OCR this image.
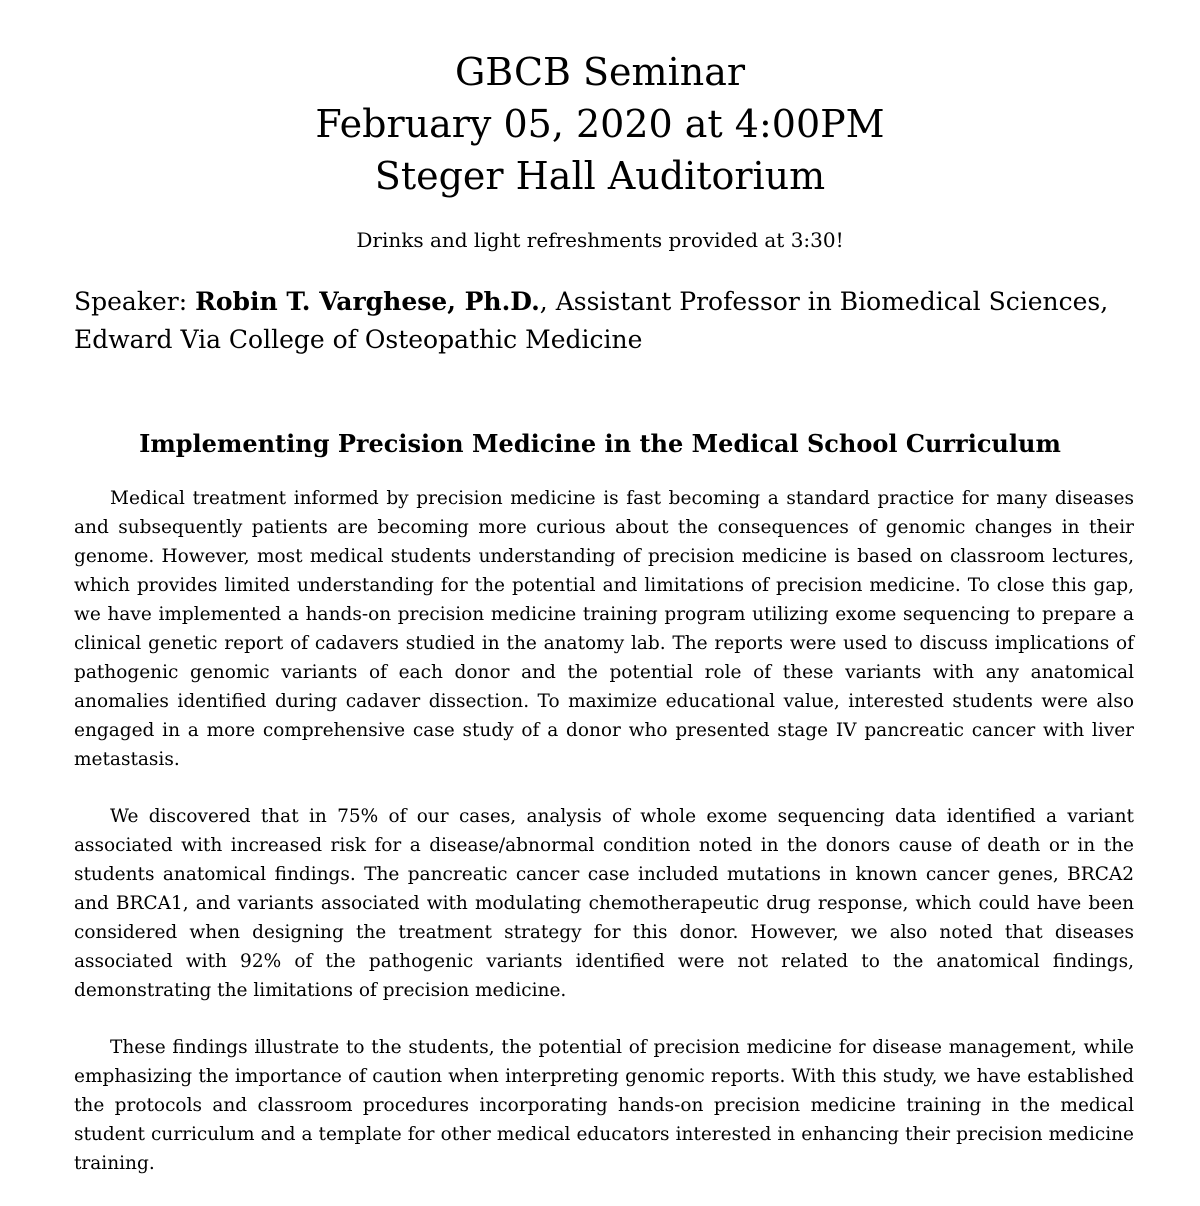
GBCB Seminar
February 05, 2020 at 4:00PM
Steger Hall Auditorium
Drinks and light refreshments provided at 3:30!
Speaker: Robin T. Varghese, Ph.D., Assistant Professor in Biomedical Sciences, Edward Via College of Osteopathic Medicine
Implementing Precision Medicine in the Medical School Curriculum

Medical treatment informed by precision medicine is fast becoming a standard practice for many diseases and subsequently patients are becoming more curious about the consequences of genomic changes in their genome. However, most medical students understanding of precision medicine is based on classroom lectures, which provides limited understanding for the potential and limitations of precision medicine. To close this gap, we have implemented a hands-on precision medicine training program utilizing exome sequencing to prepare a clinical genetic report of cadavers studied in the anatomy lab. The reports were used to discuss implications of pathogenic genomic variants of each donor and the potential role of these variants with any anatomical anomalies identified during cadaver dissection. To maximize educational value, interested students were also engaged in a more comprehensive case study of a donor who presented stage IV pancreatic cancer with liver metastasis.

We discovered that in 75% of our cases, analysis of whole exome sequencing data identified a variant associated with increased risk for a disease/abnormal condition noted in the donors cause of death or in the students anatomical findings. The pancreatic cancer case included mutations in known cancer genes, BRCA2 and BRCA1, and variants associated with modulating chemotherapeutic drug response, which could have been considered when designing the treatment strategy for this donor. However, we also noted that diseases associated with 92% of the pathogenic variants identified were not related to the anatomical findings, demonstrating the limitations of precision medicine.

These findings illustrate to the students, the potential of precision medicine for disease management, while emphasizing the importance of caution when interpreting genomic reports. With this study, we have established the protocols and classroom procedures incorporating hands-on precision medicine training in the medical student curriculum and a template for other medical educators interested in enhancing their precision medicine training.
